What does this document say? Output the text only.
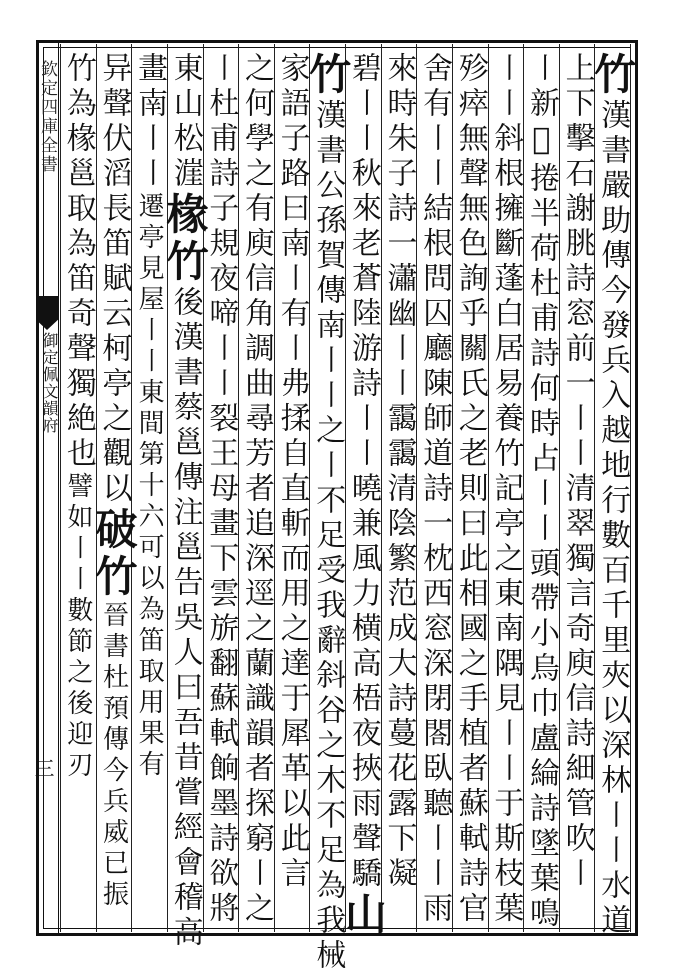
欽定四庫全書
御定佩文韻府
三
竹漢書嚴助傳今發兵入越地行數百千里夾以深林〡〡水道
上下擊石謝朓詩窓前一〡〡清翠獨言奇庾信詩細管吹〡
〡新𣏮捲半荷杜甫詩何時占〡〡頭帶小烏巾盧綸詩墜葉鳴
〡〡斜根擁斷蓬白居易養竹記亭之東南隅見〡〡于斯枝葉
殄瘁無聲無色詢乎關氏之老則曰此相國之手植者蘇軾詩官
舍有〡〡結根問囚廳陳師道詩一枕西窓深閉閤臥聽〡〡雨
來時朱子詩一瀟幽〡〡靄靄清陰繁范成大詩蔓花露下凝
碧〡〡秋來老蒼陸游詩〡〡曉兼風力横高梧夜挾雨聲驕山
竹漢書公孫賀傳南〡〡之〡不足受我辭斜谷之木不足為我械
家語子路曰南〡有〡弗揉自直斬而用之達于犀革以此言
之何學之有庾信角調曲尋芳者追深逕之蘭識韻者探窮〡之
〡杜甫詩子規夜啼〡〡裂王母畫下雲旂翻蘇軾餉墨詩欲將
東山松漄椽竹後漢書蔡邕傳注邕告吳人曰吾昔嘗經會稽高
畫南〡〡遷亭見屋〡〡東間第十六可以為笛取用果有
异聲伏滔長笛賦云柯亭之觀以破竹晉書杜預傳今兵威已振
竹為椽邕取為笛奇聲獨絶也譬如〡〡數節之後迎刃
